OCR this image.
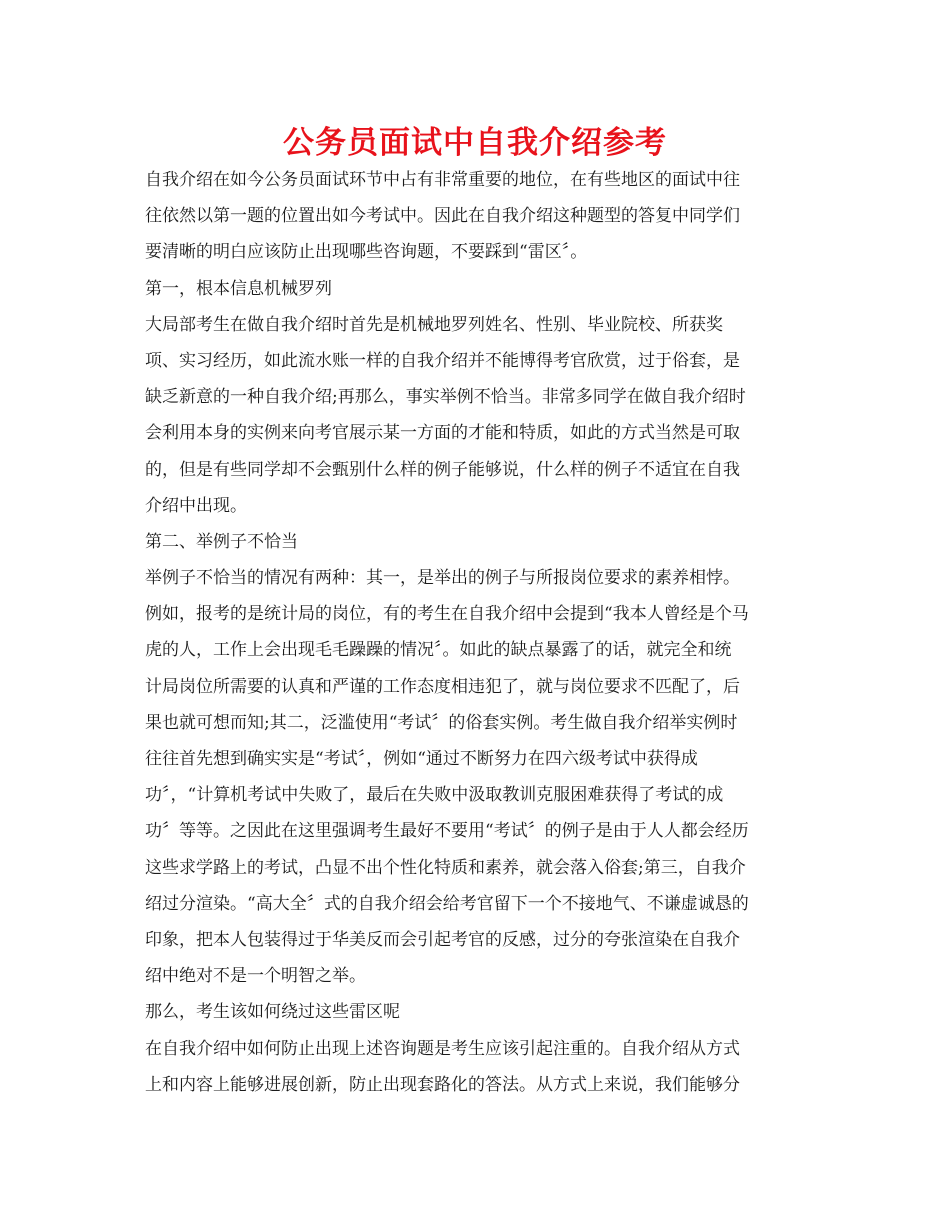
公务员面试中自我介绍参考
自我介绍在如今公务员面试环节中占有非常重要的地位，在有些地区的面试中往
往依然以第一题的位置出如今考试中。因此在自我介绍这种题型的答复中同学们
要清晰的明白应该防止出现哪些咨询题，不要踩到“雷区〞。
第一，根本信息机械罗列
大局部考生在做自我介绍时首先是机械地罗列姓名、性别、毕业院校、所获奖
项、实习经历，如此流水账一样的自我介绍并不能博得考官欣赏，过于俗套，是
缺乏新意的一种自我介绍;再那么，事实举例不恰当。非常多同学在做自我介绍时
会利用本身的实例来向考官展示某一方面的才能和特质，如此的方式当然是可取
的，但是有些同学却不会甄别什么样的例子能够说，什么样的例子不适宜在自我
介绍中出现。
第二、举例子不恰当
举例子不恰当的情况有两种：其一，是举出的例子与所报岗位要求的素养相悖。
例如，报考的是统计局的岗位，有的考生在自我介绍中会提到“我本人曾经是个马
虎的人，工作上会出现毛毛躁躁的情况〞。如此的缺点暴露了的话，就完全和统
计局岗位所需要的认真和严谨的工作态度相违犯了，就与岗位要求不匹配了，后
果也就可想而知;其二，泛滥使用“考试〞的俗套实例。考生做自我介绍举实例时
往往首先想到确实实是“考试〞，例如“通过不断努力在四六级考试中获得成
功〞，“计算机考试中失败了，最后在失败中汲取教训克服困难获得了考试的成
功〞等等。之因此在这里强调考生最好不要用“考试〞的例子是由于人人都会经历
这些求学路上的考试，凸显不出个性化特质和素养，就会落入俗套;第三，自我介
绍过分渲染。“高大全〞式的自我介绍会给考官留下一个不接地气、不谦虚诚恳的
印象，把本人包装得过于华美反而会引起考官的反感，过分的夸张渲染在自我介
绍中绝对不是一个明智之举。
那么，考生该如何绕过这些雷区呢
在自我介绍中如何防止出现上述咨询题是考生应该引起注重的。自我介绍从方式
上和内容上能够进展创新，防止出现套路化的答法。从方式上来说，我们能够分
